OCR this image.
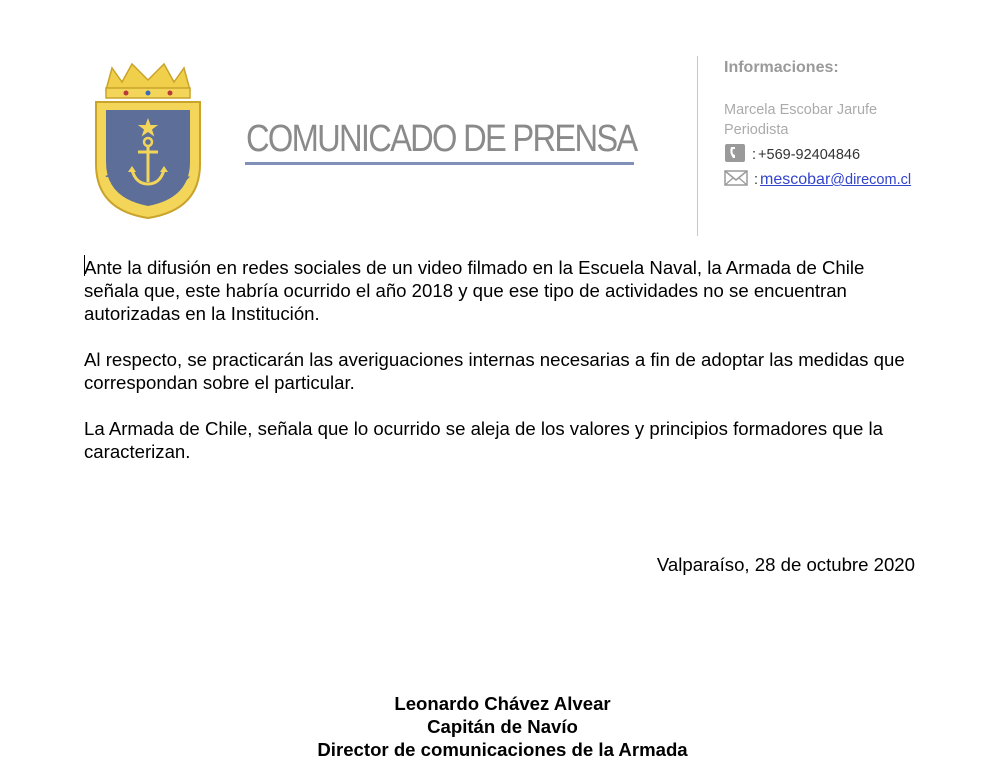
ARMADA DE CHILE
COMUNICADO DE PRENSA
Informaciones:
Marcela Escobar Jarufe
Periodista
: +569-92404846
: mescobar @direcom.cl

Ante la difusión en redes sociales de un video filmado en la Escuela Naval, la Armada de Chile señala que, este habría ocurrido el año 2018 y que ese tipo de actividades no se encuentran autorizadas en la Institución.

Al respecto, se practicarán las averiguaciones internas necesarias a fin de adoptar las medidas que correspondan sobre el particular.

La Armada de Chile, señala que lo ocurrido se aleja de los valores y principios formadores que la caracterizan.

Valparaíso, 28 de octubre 2020
Leonardo Chávez Alvear
Capitán de Navío
Director de comunicaciones de la Armada
